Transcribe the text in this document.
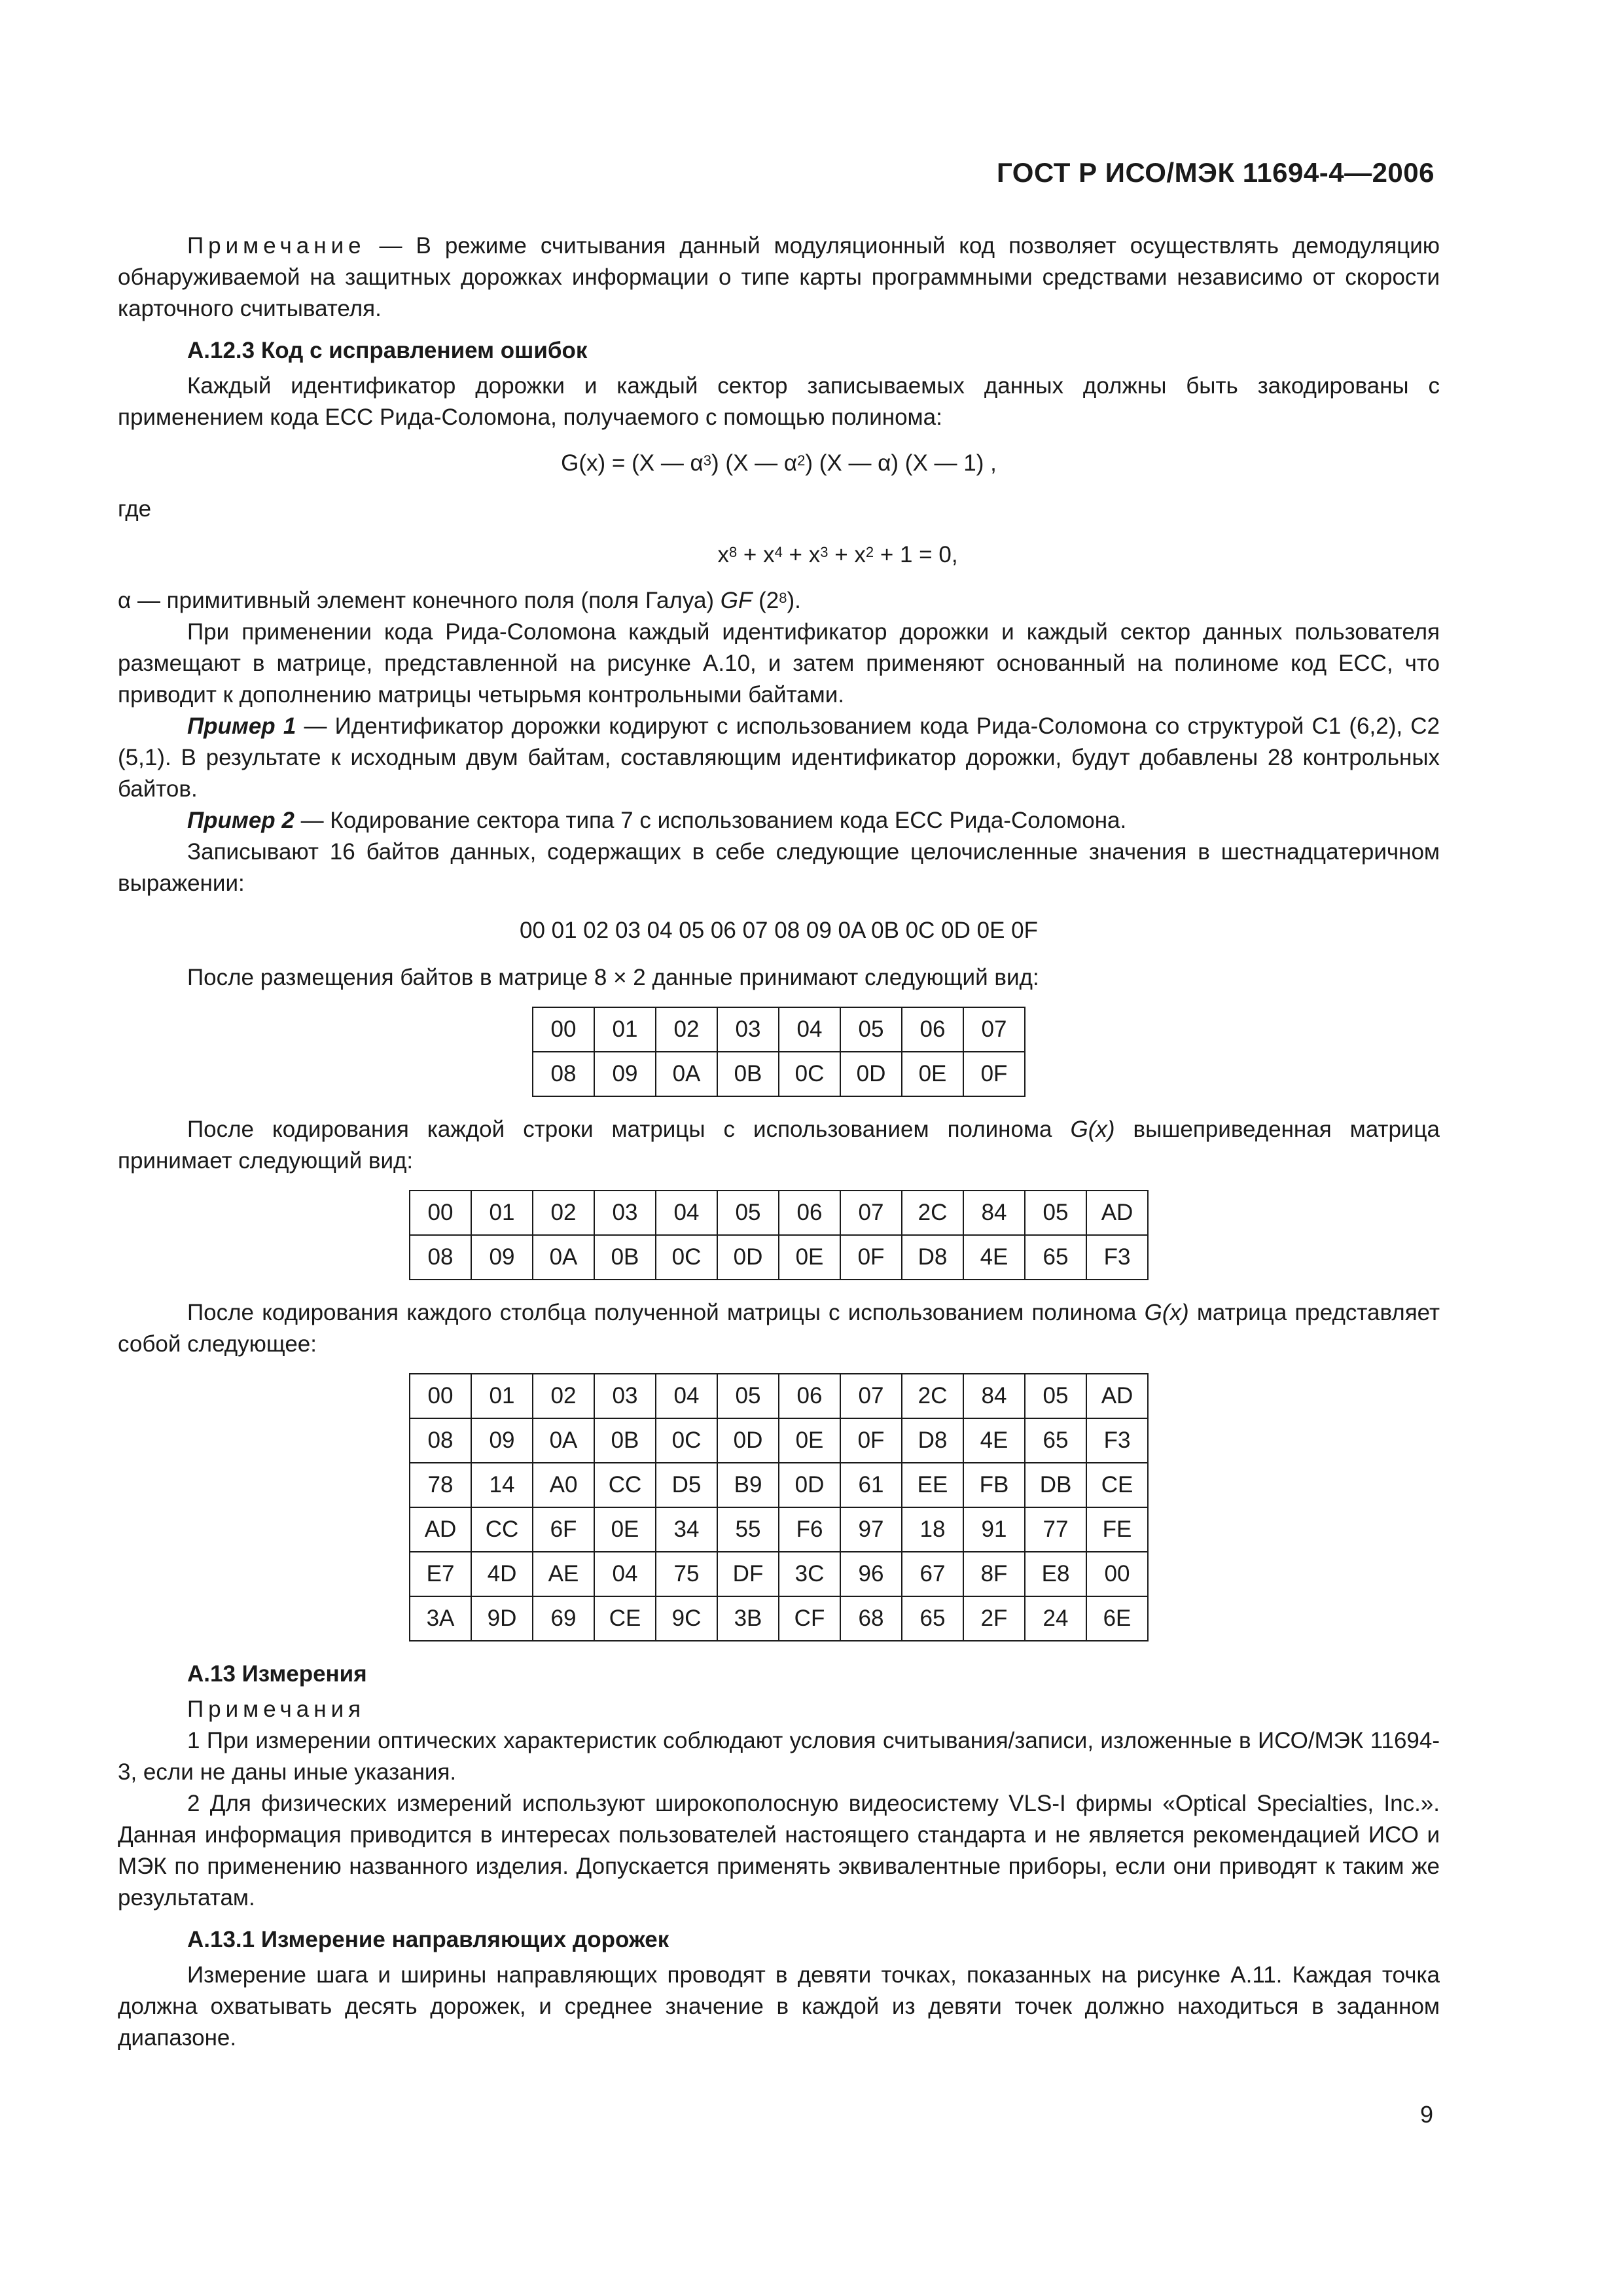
ГОСТ Р ИСО/МЭК 11694-4—2006

Примечание — В режиме считывания данный модуляционный код позволяет осуществлять демодуляцию обнаруживаемой на защитных дорожках информации о типе карты программными средствами независимо от скорости карточного считывателя.

А.12.3 Код с исправлением ошибок

Каждый идентификатор дорожки и каждый сектор записываемых данных должны быть закодированы с применением кода ECC Рида-Соломона, получаемого с помощью полинома:

G(x) = (X — $\alpha^3$) (X — $\alpha^2$) (X — α) (X — 1) ,

где

$x^8 + x^4 + x^3 + x^2 + 1 = 0$,

α — примитивный элемент конечного поля (поля Галуа) GF $(2^8)$.

При применении кода Рида-Соломона каждый идентификатор дорожки и каждый сектор данных пользователя размещают в матрице, представленной на рисунке А.10, и затем применяют основанный на полиноме код ECC, что приводит к дополнению матрицы четырьмя контрольными байтами.

Пример 1 — Идентификатор дорожки кодируют с использованием кода Рида-Соломона со структурой С1 (6,2), С2 (5,1). В результате к исходным двум байтам, составляющим идентификатор дорожки, будут добавлены 28 контрольных байтов.

Пример 2 — Кодирование сектора типа 7 с использованием кода ECC Рида-Соломона.

Записывают 16 байтов данных, содержащих в себе следующие целочисленные значения в шестнадцатеричном выражении:

00 01 02 03 04 05 06 07 08 09 0A 0B 0C 0D 0E 0F

После размещения байтов в матрице 8 × 2 данные принимают следующий вид:

00	01	02	03	04	05	06	07
08	09	0A	0B	0C	0D	0E	0F

После кодирования каждой строки матрицы с использованием полинома G(x) вышеприведенная матрица принимает следующий вид:

00	01	02	03	04	05	06	07	2C	84	05	AD
08	09	0A	0B	0C	0D	0E	0F	D8	4E	65	F3

После кодирования каждого столбца полученной матрицы с использованием полинома G(x) матрица представляет собой следующее:

00	01	02	03	04	05	06	07	2C	84	05	AD
08	09	0A	0B	0C	0D	0E	0F	D8	4E	65	F3
78	14	A0	CC	D5	B9	0D	61	EE	FB	DB	CE
AD	CC	6F	0E	34	55	F6	97	18	91	77	FE
E7	4D	AE	04	75	DF	3C	96	67	8F	E8	00
3A	9D	69	CE	9C	3B	CF	68	65	2F	24	6E
А.13 Измерения

Примечания

1 При измерении оптических характеристик соблюдают условия считывания/записи, изложенные в ИСО/МЭК 11694-3, если не даны иные указания.

2 Для физических измерений используют широкополосную видеосистему VLS-I фирмы «Optical Specialties, Inc.». Данная информация приводится в интересах пользователей настоящего стандарта и не является рекомендацией ИСО и МЭК по применению названного изделия. Допускается применять эквивалентные приборы, если они приводят к таким же результатам.

А.13.1 Измерение направляющих дорожек

Измерение шага и ширины направляющих проводят в девяти точках, показанных на рисунке А.11. Каждая точка должна охватывать десять дорожек, и среднее значение в каждой из девяти точек должно находиться в заданном диапазоне.

9
